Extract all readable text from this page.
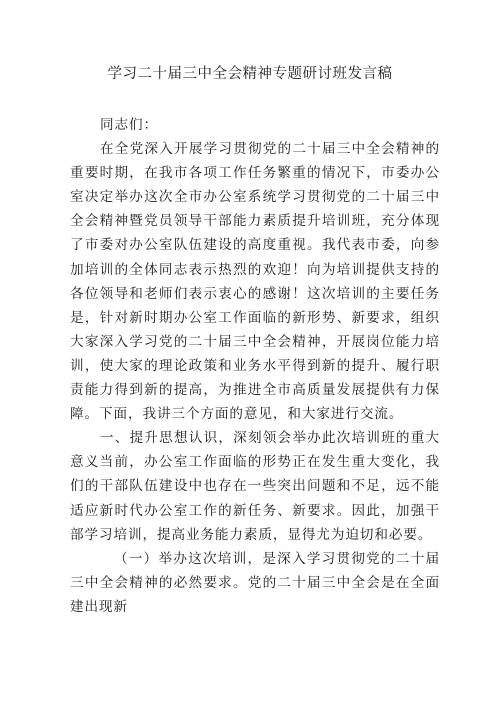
学习二十届三中全会精神专题研讨班发言稿

同志们：

在全党深入开展学习贯彻党的二十届三中全会精神的重要时期，在我市各项工作任务繁重的情况下，市委办公室决定举办这次全市办公室系统学习贯彻党的二十届三中全会精神暨党员领导干部能力素质提升培训班，充分体现了市委对办公室队伍建设的高度重视。我代表市委，向参加培训的全体同志表示热烈的欢迎！向为培训提供支持的各位领导和老师们表示衷心的感谢！这次培训的主要任务是，针对新时期办公室工作面临的新形势、新要求，组织大家深入学习党的二十届三中全会精神，开展岗位能力培训，使大家的理论政策和业务水平得到新的提升、履行职责能力得到新的提高，为推进全市高质量发展提供有力保障。下面，我讲三个方面的意见，和大家进行交流。

一、提升思想认识，深刻领会举办此次培训班的重大意义当前，办公室工作面临的形势正在发生重大变化，我们的干部队伍建设中也存在一些突出问题和不足，远不能适应新时代办公室工作的新任务、新要求。因此，加强干部学习培训，提高业务能力素质，显得尤为迫切和必要。

（一）举办这次培训，是深入学习贯彻党的二十届三中全会精神的必然要求。党的二十届三中全会是在全面建出现新
